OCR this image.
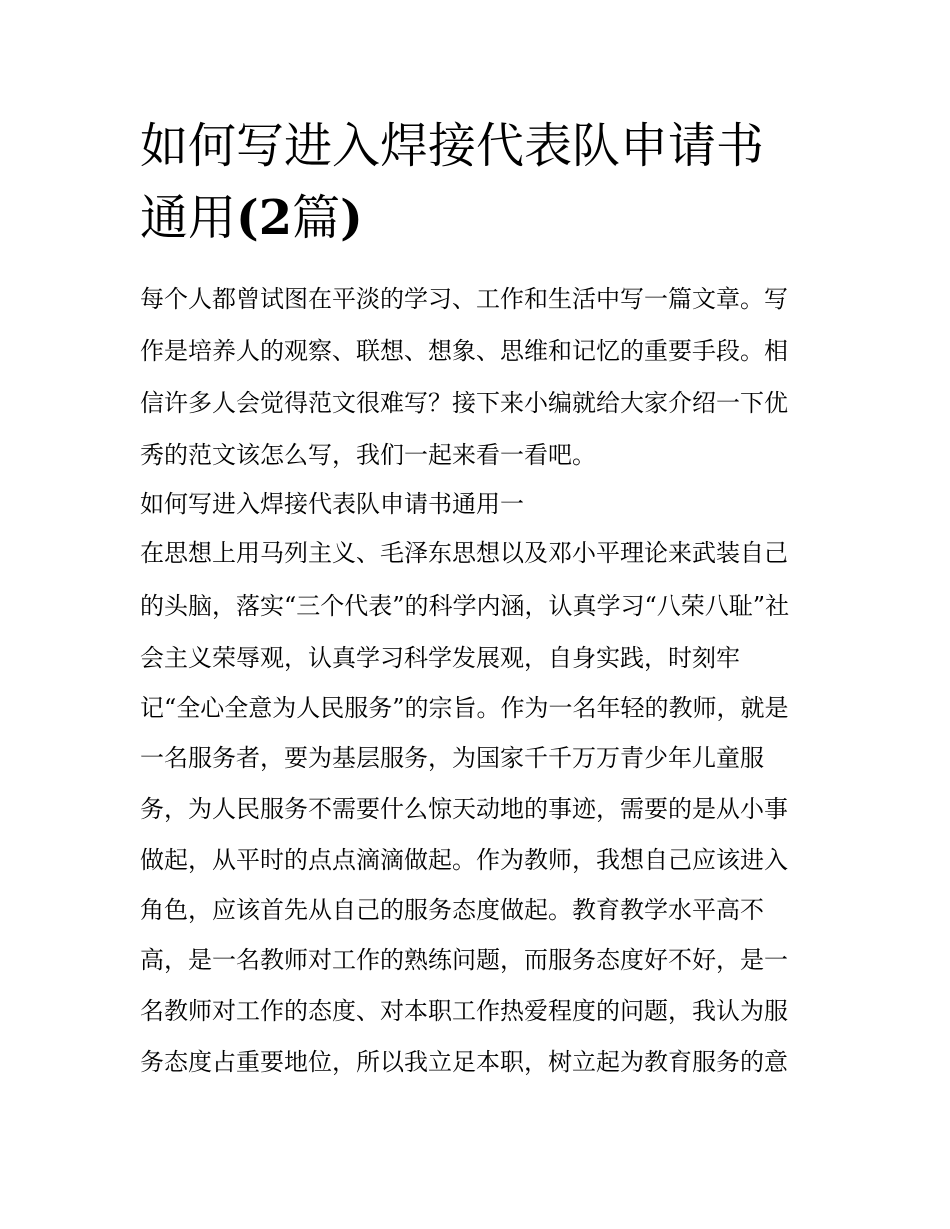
如何写进入焊接代表队申请书
通用(2篇)

每个人都曾试图在平淡的学习、工作和生活中写一篇文章。写

作是培养人的观察、联想、想象、思维和记忆的重要手段。相

信许多人会觉得范文很难写？接下来小编就给大家介绍一下优

秀的范文该怎么写，我们一起来看一看吧。

如何写进入焊接代表队申请书通用一

在思想上用马列主义、毛泽东思想以及邓小平理论来武装自己

的头脑，落实“三个代表”的科学内涵，认真学习“八荣八耻”社

会主义荣辱观，认真学习科学发展观，自身实践，时刻牢

记“全心全意为人民服务”的宗旨。作为一名年轻的教师，就是

一名服务者，要为基层服务，为国家千千万万青少年儿童服

务，为人民服务不需要什么惊天动地的事迹，需要的是从小事

做起，从平时的点点滴滴做起。作为教师，我想自己应该进入

角色，应该首先从自己的服务态度做起。教育教学水平高不

高，是一名教师对工作的熟练问题，而服务态度好不好，是一

名教师对工作的态度、对本职工作热爱程度的问题，我认为服

务态度占重要地位，所以我立足本职，树立起为教育服务的意
